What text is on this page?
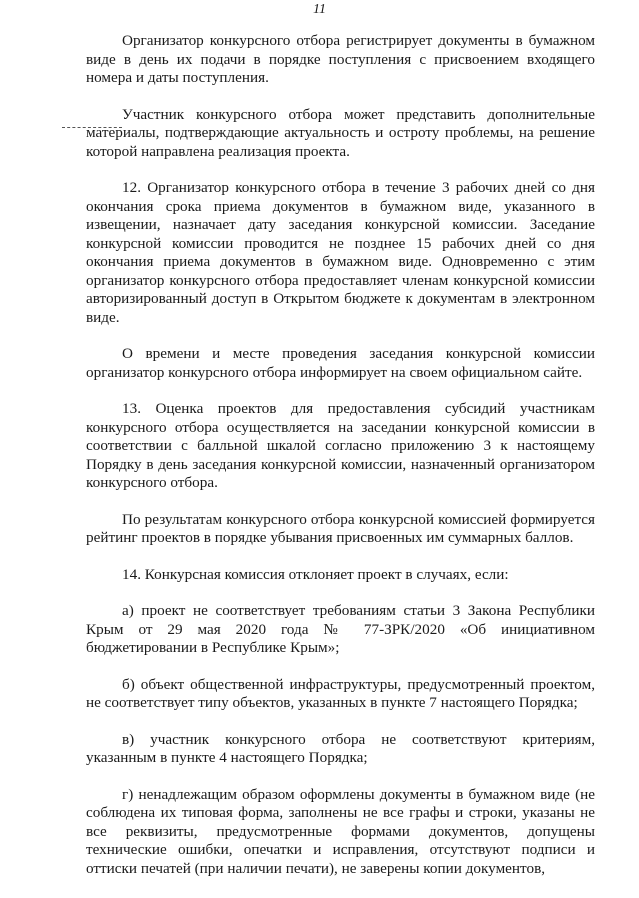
11

Организатор конкурсного отбора регистрирует документы в бумажном виде в день их подачи в порядке поступления с присвоением входящего номера и даты поступления.

Участник конкурсного отбора может представить дополнительные материалы, подтверждающие актуальность и остроту проблемы, на решение которой направлена реализация проекта.

12. Организатор конкурсного отбора в течение 3 рабочих дней со дня окончания срока приема документов в бумажном виде, указанного в извещении, назначает дату заседания конкурсной комиссии. Заседание конкурсной комиссии проводится не позднее 15 рабочих дней со дня окончания приема документов в бумажном виде. Одновременно с этим организатор конкурсного отбора предоставляет членам конкурсной комиссии авторизированный доступ в Открытом бюджете к документам в электронном виде.

О времени и месте проведения заседания конкурсной комиссии организатор конкурсного отбора информирует на своем официальном сайте.

13. Оценка проектов для предоставления субсидий участникам конкурсного отбора осуществляется на заседании конкурсной комиссии в соответствии с балльной шкалой согласно приложению 3 к настоящему Порядку в день заседания конкурсной комиссии, назначенный организатором конкурсного отбора.

По результатам конкурсного отбора конкурсной комиссией формируется рейтинг проектов в порядке убывания присвоенных им суммарных баллов.

14. Конкурсная комиссия отклоняет проект в случаях, если:

а) проект не соответствует требованиям статьи 3 Закона Республики Крым от 29 мая 2020 года № 77-ЗРК/2020 «Об инициативном бюджетировании в Республике Крым»;

б) объект общественной инфраструктуры, предусмотренный проектом, не соответствует типу объектов, указанных в пункте 7 настоящего Порядка;

в) участник конкурсного отбора не соответствуют критериям, указанным в пункте 4 настоящего Порядка;

г) ненадлежащим образом оформлены документы в бумажном виде (не соблюдена их типовая форма, заполнены не все графы и строки, указаны не все реквизиты, предусмотренные формами документов, допущены технические ошибки, опечатки и исправления, отсутствуют подписи и оттиски печатей (при наличии печати), не заверены копии документов,
